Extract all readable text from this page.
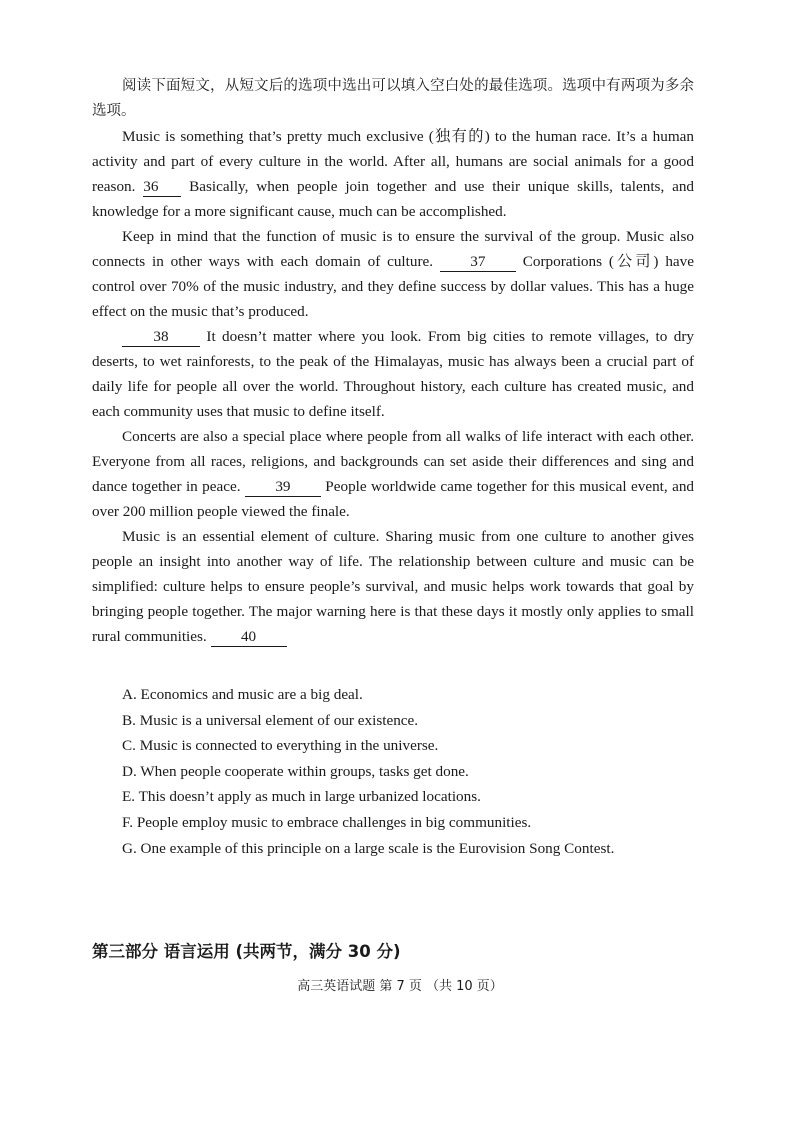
阅读下面短文，从短文后的选项中选出可以填入空白处的最佳选项。选项中有两项为多余选项。

Music is something that’s pretty much exclusive (独有的) to the human race. It’s a human activity and part of every culture in the world. After all, humans are social animals for a good reason. 36 Basically, when people join together and use their unique skills, talents, and knowledge for a more significant cause, much can be accomplished.

Keep in mind that the function of music is to ensure the survival of the group. Music also connects in other ways with each domain of culture. 37 Corporations (公司) have control over 70% of the music industry, and they define success by dollar values. This has a huge effect on the music that’s produced.

38 It doesn’t matter where you look. From big cities to remote villages, to dry deserts, to wet rainforests, to the peak of the Himalayas, music has always been a crucial part of daily life for people all over the world. Throughout history, each culture has created music, and each community uses that music to define itself.

Concerts are also a special place where people from all walks of life interact with each other. Everyone from all races, religions, and backgrounds can set aside their differences and sing and dance together in peace. 39 People worldwide came together for this musical event, and over 200 million people viewed the finale.

Music is an essential element of culture. Sharing music from one culture to another gives people an insight into another way of life. The relationship between culture and music can be simplified: culture helps to ensure people’s survival, and music helps work towards that goal by bringing people together. The major warning here is that these days it mostly only applies to small rural communities. 40

A. Economics and music are a big deal.
B. Music is a universal element of our existence.
C. Music is connected to everything in the universe.
D. When people cooperate within groups, tasks get done.
E. This doesn’t apply as much in large urbanized locations.
F. People employ music to embrace challenges in big communities.
G. One example of this principle on a large scale is the Eurovision Song Contest.
第三部分 语言运用 (共两节，满分 30 分)
高三英语试题 第 7 页 （共 10 页）
